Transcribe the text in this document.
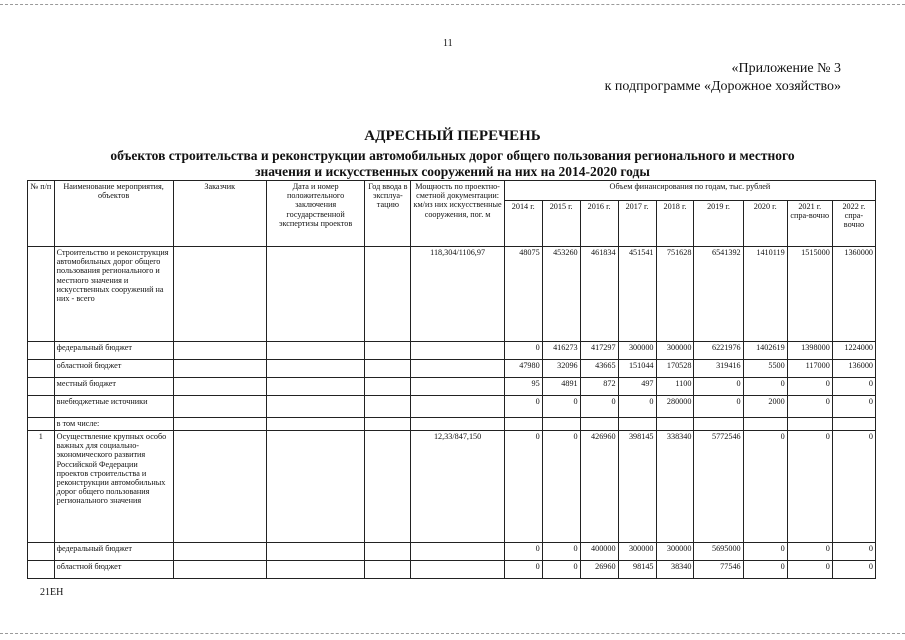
11
«Приложение № 3
к подпрограмме «Дорожное хозяйство»
АДРЕСНЫЙ ПЕРЕЧЕНЬ
объектов строительства и реконструкции автомобильных дорог общего пользования регионального и местного
значения и искусственных сооружений на них на 2014-2020 годы
№ п/п	Наименование мероприятия, объектов	Заказчик	Дата и номер положительного заключения государственной экспертизы проектов	Год ввода в эксплуа-тацию	Мощность по проектно-сметной документации: км/из них искусственные сооружения, пог. м	Объем финансирования по годам, тыс. рублей								
						2014 г.	2015 г.	2016 г.	2017 г.	2018 г.	2019 г.	2020 г.	2021 г. спра-вочно	2022 г. спра-вочно
	Строительство и реконструкция автомобильных дорог общего пользования регионального и местного значения и искусственных сооружений на них - всего				118,304/1106,97	48075	453260	461834	451541	751628	6541392	1410119	1515000	1360000
	федеральный бюджет					0	416273	417297	300000	300000	6221976	1402619	1398000	1224000
	областной бюджет					47980	32096	43665	151044	170528	319416	5500	117000	136000
	местный бюджет					95	4891	872	497	1100	0	0	0	0
	внебюджетные источники					0	0	0	0	280000	0	2000	0	0
	в том числе:													
1	Осуществление крупных особо важных для социально-экономического развития Российской Федерации проектов строительства и реконструкции автомобильных дорог общего пользования регионального значения				12,33/847,150	0	0	426960	398145	338340	5772546	0	0	0
	федеральный бюджет					0	0	400000	300000	300000	5695000	0	0	0
	областной бюджет					0	0	26960	98145	38340	77546	0	0	0
21ЕН
